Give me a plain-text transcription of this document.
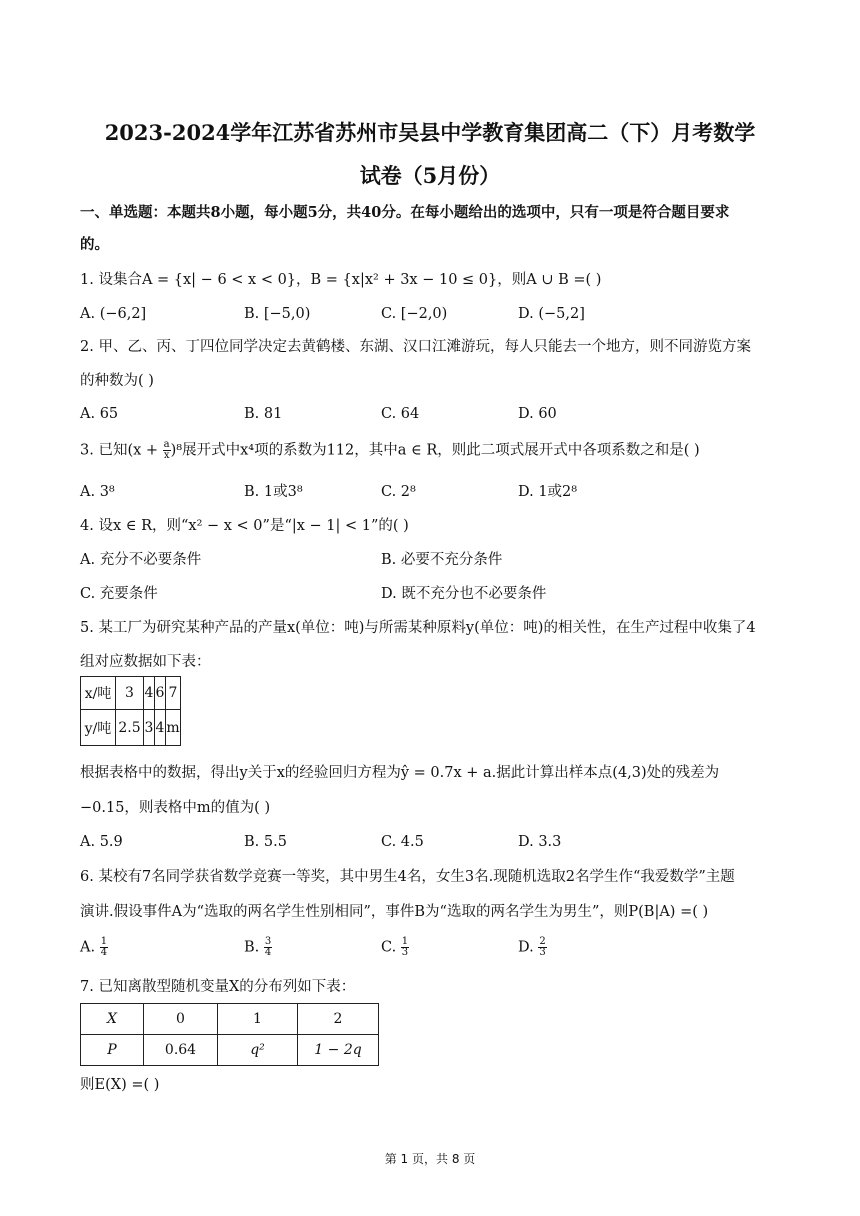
2023-2024学年江苏省苏州市吴县中学教育集团高二（下）月考数学
试卷（5月份）
一、单选题：本题共8小题，每小题5分，共40分。在每小题给出的选项中，只有一项是符合题目要求
的。
1. 设集合A = {x| − 6 < x < 0}，B = {x|x² + 3x − 10 ≤ 0}，则A ∪ B =( )
A. (−6,2]	B. [−5,0)	C. [−2,0)	D. (−5,2]
2. 甲、乙、丙、丁四位同学决定去黄鹤楼、东湖、汉口江滩游玩，每人只能去一个地方，则不同游览方案
的种数为( )
A. 65	B. 81	C. 64	D. 60
3. 已知$(x + \frac{a}{x} )^8$展开式中x⁴项的系数为112，其中a ∈ R，则此二项式展开式中各项系数之和是( )
A. 3⁸	B. 1或3⁸	C. 2⁸	D. 1或2⁸
4. 设x ∈ R，则“x² − x < 0”是“|x − 1| < 1”的( )
A. 充分不必要条件	B. 必要不充分条件
C. 充要条件	D. 既不充分也不必要条件
5. 某工厂为研究某种产品的产量x(单位：吨)与所需某种原料y(单位：吨)的相关性，在生产过程中收集了4
组对应数据如下表：
x/吨	3	4	6	7
y/吨	2.5	3	4	m
根据表格中的数据，得出y关于x的经验回归方程为ŷ = 0.7x + a.据此计算出样本点(4,3)处的残差为
−0.15，则表格中m的值为( )
A. 5.9	B. 5.5	C. 4.5	D. 3.3
6. 某校有7名同学获省数学竞赛一等奖，其中男生4名，女生3名.现随机选取2名学生作“我爱数学”主题
演讲.假设事件A为“选取的两名学生性别相同”，事件B为“选取的两名学生为男生”，则P(B|A) =( )
A. $\frac{1}{4}$	B. $\frac{3}{4}$	C. $\frac{1}{3}$	D. $\frac{2}{3}$
7. 已知离散型随机变量X的分布列如下表：
X	0	1	2
P	0.64	q²	1 − 2q
则E(X) =( )
第 1 页，共 8 页
